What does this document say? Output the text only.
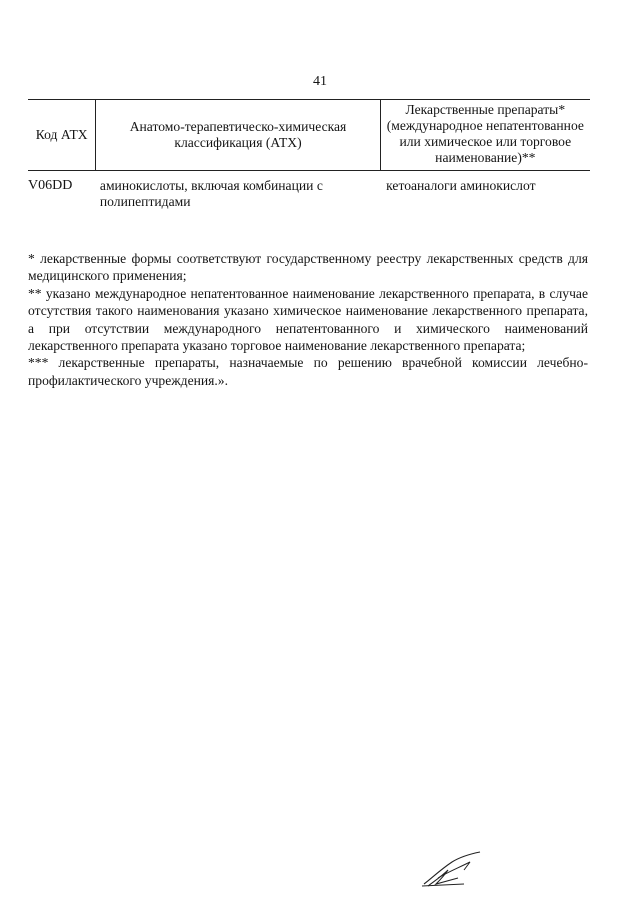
41
Код АТХ	Анатомо-терапевтическо-химическая классификация (АТХ)	Лекарственные препараты* (международное непатентованное или химическое или торговое наименование)**
V06DD	аминокислоты, включая комбинации с полипептидами	кетоаналоги аминокислот

* лекарственные формы соответствуют государственному реестру лекарственных средств для медицинского применения;

** указано международное непатентованное наименование лекарственного препарата, в случае отсутствия такого наименования указано химическое наименование лекарственного препарата, а при отсутствии международного непатентованного и химического наименований лекарственного препарата указано торговое наименование лекарственного препарата;

*** лекарственные препараты, назначаемые по решению врачебной комиссии лечебно-профилактического учреждения.».
